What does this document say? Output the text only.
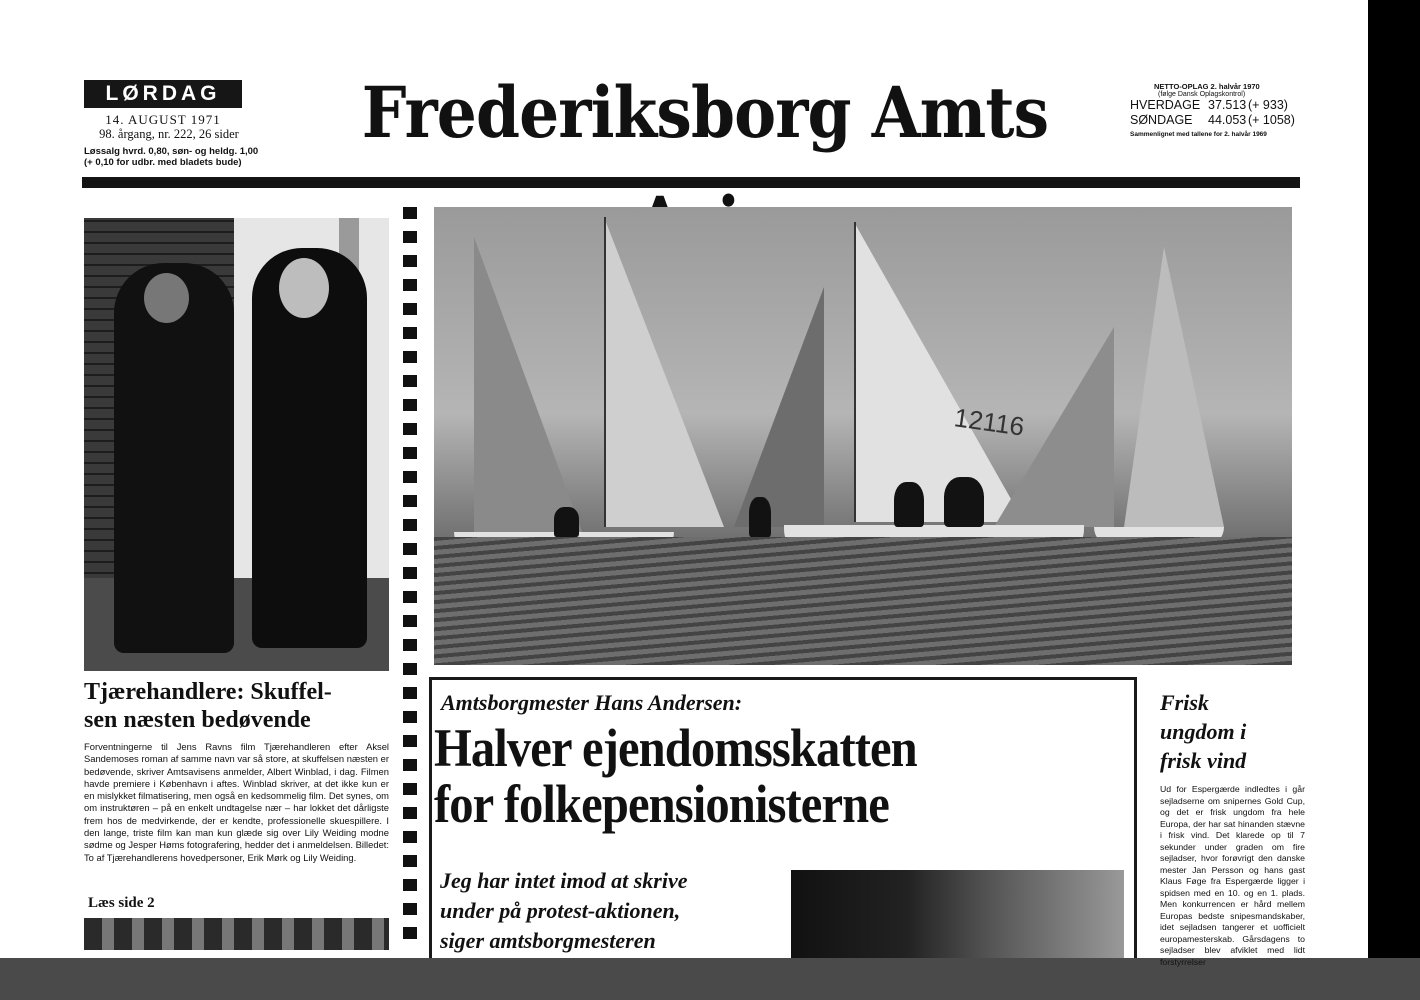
LØRDAG
14. AUGUST 1971
98. årgang, nr. 222, 26 sider
Løssalg hvrd. 0,80, søn- og heldg. 1,00
(+ 0,10 for udbr. med bladets bude)
Frederiksborg Amts	NETTO-OPLAG 2. halvår 1970
(følge Dansk Oplagskontrol)
HVERDAGE 37.513 (+ 933)
SØNDAGE	44.053 (+ 1058)
Sammenlignet med tallene for 2. halvår 1969
12116
Tjærehandlere: Skuffel-
sen næsten bedøvende
Forventningerne til Jens Ravns film Tjærehandleren efter Aksel Sandemoses roman af samme navn var så store, at skuffelsen næsten er bedøvende, skriver Amtsavisens anmelder, Albert Winblad, i dag. Filmen havde premiere i København i aftes. Winblad skriver, at det ikke kun er en mislykket filmatisering, men også en kedsommelig film. Det synes, om om instruktøren – på en enkelt undtagelse nær – har lokket det dårligste frem hos de medvirkende, der er kendte, professionelle skuespillere. I den lange, triste film kan man kun glæde sig over Lily Weiding modne sødme og Jesper Høms fotografering, hedder det i anmeldelsen. Billedet: To af Tjærehandlerens hovedpersoner, Erik Mørk og Lily Weiding.
Læs side 2
Amtsborgmester Hans Andersen:
Halver ejendomsskatten
for folkepensionisterne
Jeg har intet imod at skrive
under på protest-aktionen,
siger amtsborgmesteren
Frisk
ungdom i
frisk vind
Ud for Espergærde indledtes i går sejladserne om snipernes Gold Cup, og det er frisk ungdom fra hele Europa, der har sat hinanden stævne i frisk vind. Det klarede op til 7 sekunder under graden om fire sejladser, hvor forøvrigt den danske mester Jan Persson og hans gast Klaus Føge fra Espergærde ligger i spidsen med en 10. og en 1. plads. Men konkurrencen er hård mellem Europas bedste snipesmandskaber, idet sejladsen tangerer et uofficielt europamesterskab. Gårsdagens to sejladser blev afviklet med lidt forstyrrelser
